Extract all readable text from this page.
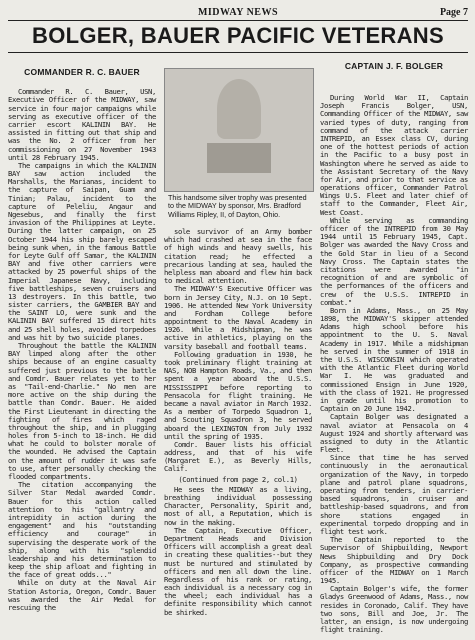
MIDWAY NEWS	Page 7
BOLGER, BAUER PACIFIC VETERANS
COMMANDER R. C. BAUER

Commander R. C. Bauer, USN, Executive Officer of the MIDWAY, saw service in four major campaigns while serving as executive officer of the carrier escort KALININ BAY. He assisted in fitting out that ship and was the No. 2 officer from her commissioning on 27 November 1943 until 28 February 1945.

The campaigns in which the KALININ BAY saw action included the Marshalls, the Marianas, incident to the capture of Saipan, Guam and Tinian; Palau, incident to the capture of Peleliu, Angaur and Ngesebus, and finally the first invasion of the Philippines at Leyte. During the latter campaign, on 25 October 1944 his ship barely escaped being sunk when, in the famous Battle for Leyte Gulf off Samar, the KALININ BAY and five other carriers were attacked by 25 powerful ships of the Imperial Japanese Navy, including five battleships, seven cruisers and 13 destroyers. In this battle, two sister carriers, the GAMBIER BAY and the SAINT LO, were sunk and the KALININ BAY suffered 15 direct hits and 25 shell holes, avoided torpedoes and was hit by two suicide planes.

Throughout the battle the KALININ BAY limped along after the other ships because of an engine casualty suffered just previous to the battle and Comdr. Bauer relates yet to her as "Tail-end-Charlie." No men are more active on the ship during the battle than Comdr. Bauer. He aided the First Lieutenant in directing the fighting of fires which raged throughout the ship, and in plugging holes from 5-inch to 18-inch. He did what he could to bolster morale of the wounded. He advised the Captain on the amount of rudder it was safe to use, after personally checking the flooded compartments.

The citation accompanying the Silver Star Medal awarded Comdr. Bauer for this action called attention to his "gallantry and intrepidity in action during the engagement" and his "outstanding efficiency and courage" in supervising the desperate work of the ship, along with his "splendid leadership and his determination to keep the ship afloat and fighting in the face of great odds..."

While on duty at the Naval Air Station Astoria, Oregon, Comdr. Bauer was awarded the Air Medal for rescuing the

This handsome silver trophy was presented to the MIDWAY by sponsor, Mrs. Bradford Williams Ripley, II, of Dayton, Ohio.

sole survivor of an Army bomber which had crashed at sea in the face of high winds and heavy swells, his citation read; he effected a precarious landing at sea, hauled the helpless man aboard and flew him back to medical attention.

The MIDWAY'S Executive Officer was born in Jersey City, N.J. on 10 Sept. 1906. He attended New York University and Fordham College before appointment to the Naval Academy in 1926. While a Midshipman, he was active in athletics, playing on the varsity baseball and football teams.

Following graduation in 1930, he took preliminary flight training at NAS, NOB Hampton Roads, Va., and then spent a year aboard the U.S.S. MISSISSIPPI before reporting to Pensacola for flight training. He became a naval aviator in March 1932. As a member of Torpedo Squadron 1, and Scouting Squadron 3, he served aboard the LEXINGTON from July 1932 until the spring of 1935.

Comdr. Bauer lists his official address, and that of his wife (Margaret E.), as Beverly Hills, Calif.

(Continued from page 2, col.1)

He sees the MIDWAY as a living, breathing individual possessing Character, Personality, Spirit and, most of all, a Reputation, which is now in the making.

The Captain, Executive Officer, Department Heads and Division Officers will accomplish a great deal in creating these qualities--but they must be nurtured and stimulated by officers and men all down the line. Regardless of his rank or rating, each individual is a necessary cog in the wheel; each individual has a definite responsibility which cannot be shirked.

CAPTAIN J. F. BOLGER

During World War II, Captain Joseph Francis Bolger, USN, Commanding Officer of the MIDWAY, saw varied types of duty, ranging from command of the attack carrier INTREPID, an Essex class CV, during one of the hottest periods of action in the Pacific to a busy post in Washington where he served as aide to the Assistant Secretary of the Navy for Air, and prior to that service as operations officer, Commander Patrol Wings U.S. Fleet and later chief of staff to the Commander, Fleet Air, West Coast.

While serving as commanding officer of the INTREPID from 30 May 1944 until 15 February 1945, Capt. Bolger was awarded the Navy Cross and the Gold Star in lieu of a Second Navy Cross. The Captain states the citations were awarded "in recognition of and are symbolic of the performances of the officers and crew of the U.S.S. INTREPID in combat."

Born in Adams, Mass., on 25 May 1898, the MIDWAY'S skipper attended Adams high school before his appointment to the U. S. Naval Academy in 1917. While a midshipman he served in the summer of 1918 in the U.S.S. WISCONSIN which operated with the Atlantic Fleet during World War I. He was graduated and commissioned Ensign in June 1920, with the class of 1921. He progressed in grade until his promotion to Captain on 20 June 1942.

Captain Bolger was designated a naval aviator at Pensacola on 4 August 1924 and shortly afterward was assigned to duty in the Atlantic Fleet.

Since that time he has served continuously in the aeronautical organization of the Navy, in torpedo plane and patrol plane squadrons, operating from tenders, in carrier-based squadrons, in cruiser and battleship-based squadrons, and from shore stations engaged in experimental torpedo dropping and in flight test work.

The Captain reported to the Supervisor of Shipbuilding, Newport News Shipbuilding and Dry Dock Company, as prospective commanding officer of the MIDWAY on 1 March 1945.

Captain Bolger's wife, the former Gladys Greenwood of Adams, Mass., now resides in Coronado, Calif. They have two sons, Bill and Joe, Jr. The latter, an ensign, is now undergoing flight training.
